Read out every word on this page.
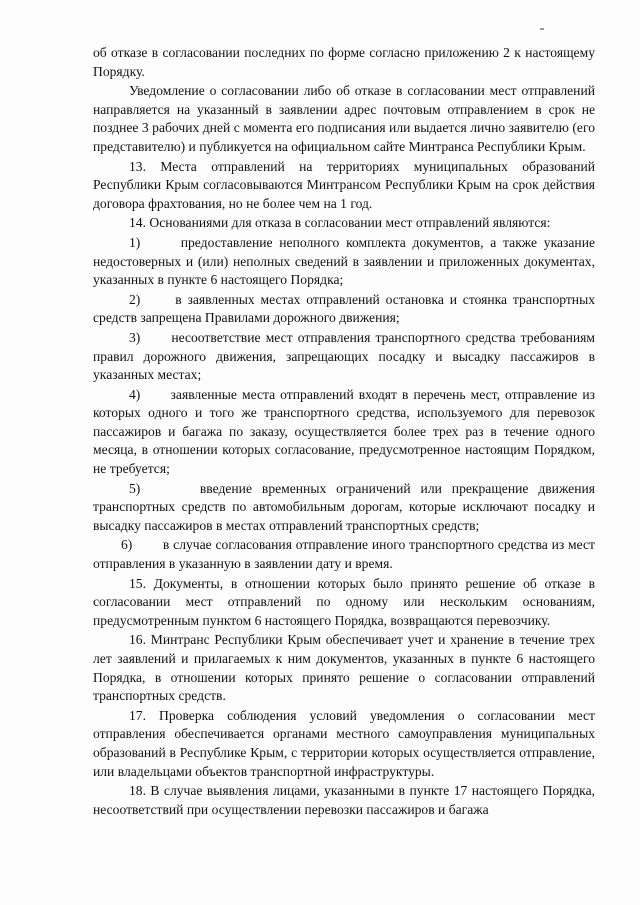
об отказе в согласовании последних по форме согласно приложению 2 к настоящему Порядку.

Уведомление о согласовании либо об отказе в согласовании мест отправлений направляется на указанный в заявлении адрес почтовым отправлением в срок не позднее 3 рабочих дней с момента его подписания или выдается лично заявителю (его представителю) и публикуется на официальном сайте Минтранса Республики Крым.

13. Места отправлений на территориях муниципальных образований Республики Крым согласовываются Минтрансом Республики Крым на срок действия договора фрахтования, но не более чем на 1 год.

14. Основаниями для отказа в согласовании мест отправлений являются:

1)      предоставление неполного комплекта документов, а также указание недостоверных и (или) неполных сведений в заявлении и приложенных документах, указанных в пункте 6 настоящего Порядка;

2)      в заявленных местах отправлений остановка и стоянка транспортных средств запрещена Правилами дорожного движения;

3)      несоответствие мест отправления транспортного средства требованиям правил дорожного движения, запрещающих посадку и высадку пассажиров в указанных местах;

4)      заявленные места отправлений входят в перечень мест, отправление из которых одного и того же транспортного средства, используемого для перевозок пассажиров и багажа по заказу, осуществляется более трех раз в течение одного месяца, в отношении которых согласование, предусмотренное настоящим Порядком, не требуется;

5)      введение временных ограничений или прекращение движения транспортных средств по автомобильным дорогам, которые исключают посадку и высадку пассажиров в местах отправлений транспортных средств;

6)        в случае согласования отправление иного транспортного средства из мест отправления в указанную в заявлении дату и время.

15. Документы, в отношении которых было принято решение об отказе в согласовании мест отправлений по одному или нескольким основаниям, предусмотренным пунктом 6 настоящего Порядка, возвращаются перевозчику.

16. Минтранс Республики Крым обеспечивает учет и хранение в течение трех лет заявлений и прилагаемых к ним документов, указанных в пункте 6 настоящего Порядка, в отношении которых принято решение о согласовании отправлений транспортных средств.

17. Проверка соблюдения условий уведомления о согласовании мест отправления обеспечивается органами местного самоуправления муниципальных образований в Республике Крым, с территории которых осуществляется отправление, или владельцами объектов транспортной инфраструктуры.

18. В случае выявления лицами, указанными в пункте 17 настоящего Порядка, несоответствий при осуществлении перевозки пассажиров и багажа
